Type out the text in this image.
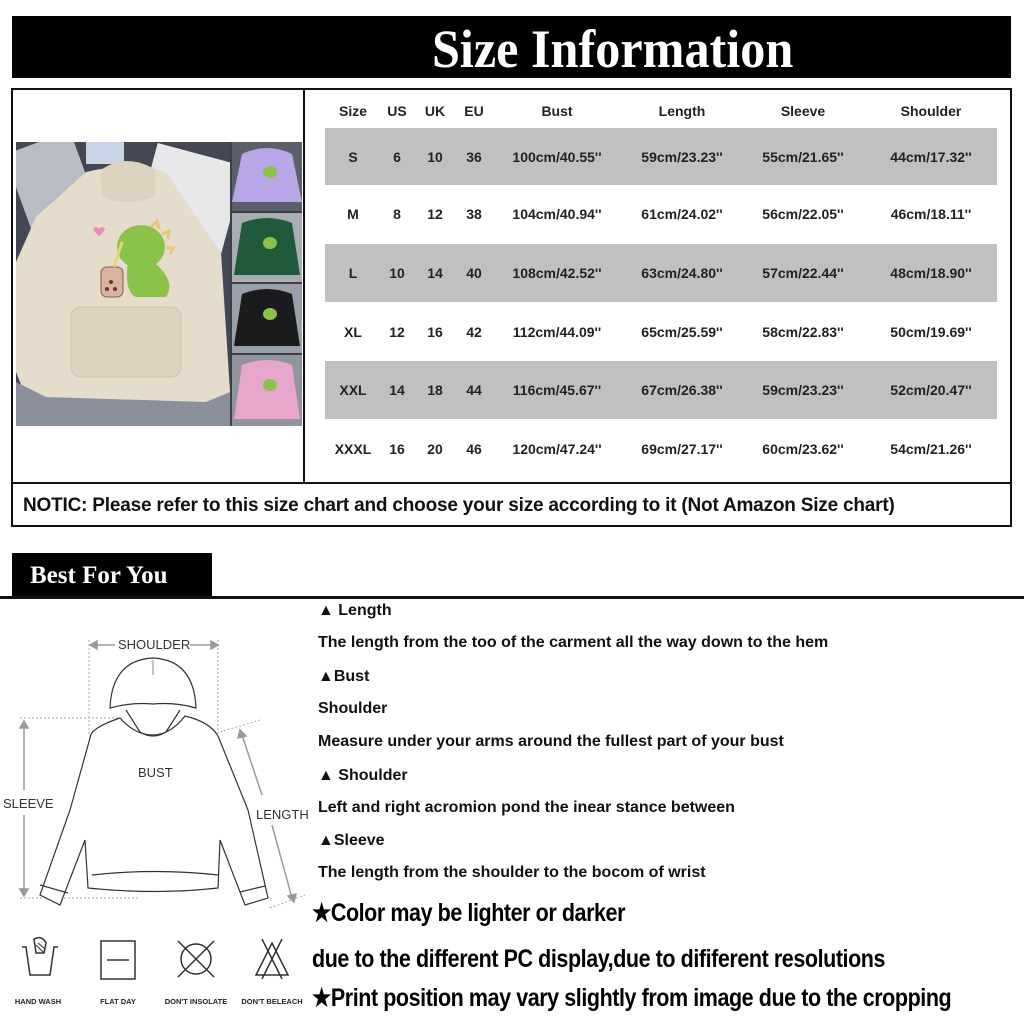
Size Information
Size	US	UK	EU	Bust	Length	Sleeve	Shoulder
S	6	10	36	100cm/40.55''	59cm/23.23''	55cm/21.65''	44cm/17.32''
M	8	12	38	104cm/40.94''	61cm/24.02''	56cm/22.05''	46cm/18.11''
L	10	14	40	108cm/42.52''	63cm/24.80''	57cm/22.44''	48cm/18.90''
XL	12	16	42	112cm/44.09''	65cm/25.59''	58cm/22.83''	50cm/19.69''
XXL	14	18	44	116cm/45.67''	67cm/26.38''	59cm/23.23''	52cm/20.47''
XXXL	16	20	46	120cm/47.24''	69cm/27.17''	60cm/23.62''	54cm/21.26''
NOTIC: Please refer to this size chart and choose your size according to it (Not Amazon Size chart)
Best For You
SHOULDER
BUST
SLEEVE
LENGTH
HAND WASH	FLAT DAY	DON'T INSOLATE	DON'T BELEACH
▲ Length
The length from the too of the carment all the way down to the hem
▲Bust
Shoulder
Measure under your arms around the fullest part of your bust
▲ Shoulder
Left and right acromion pond the inear stance between
▲Sleeve
The length from the shoulder to the bocom of wrist
★Color may be lighter or darker
due to the different PC display,due to dififerent resolutions
★Print position may vary slightly from image due to the cropping
